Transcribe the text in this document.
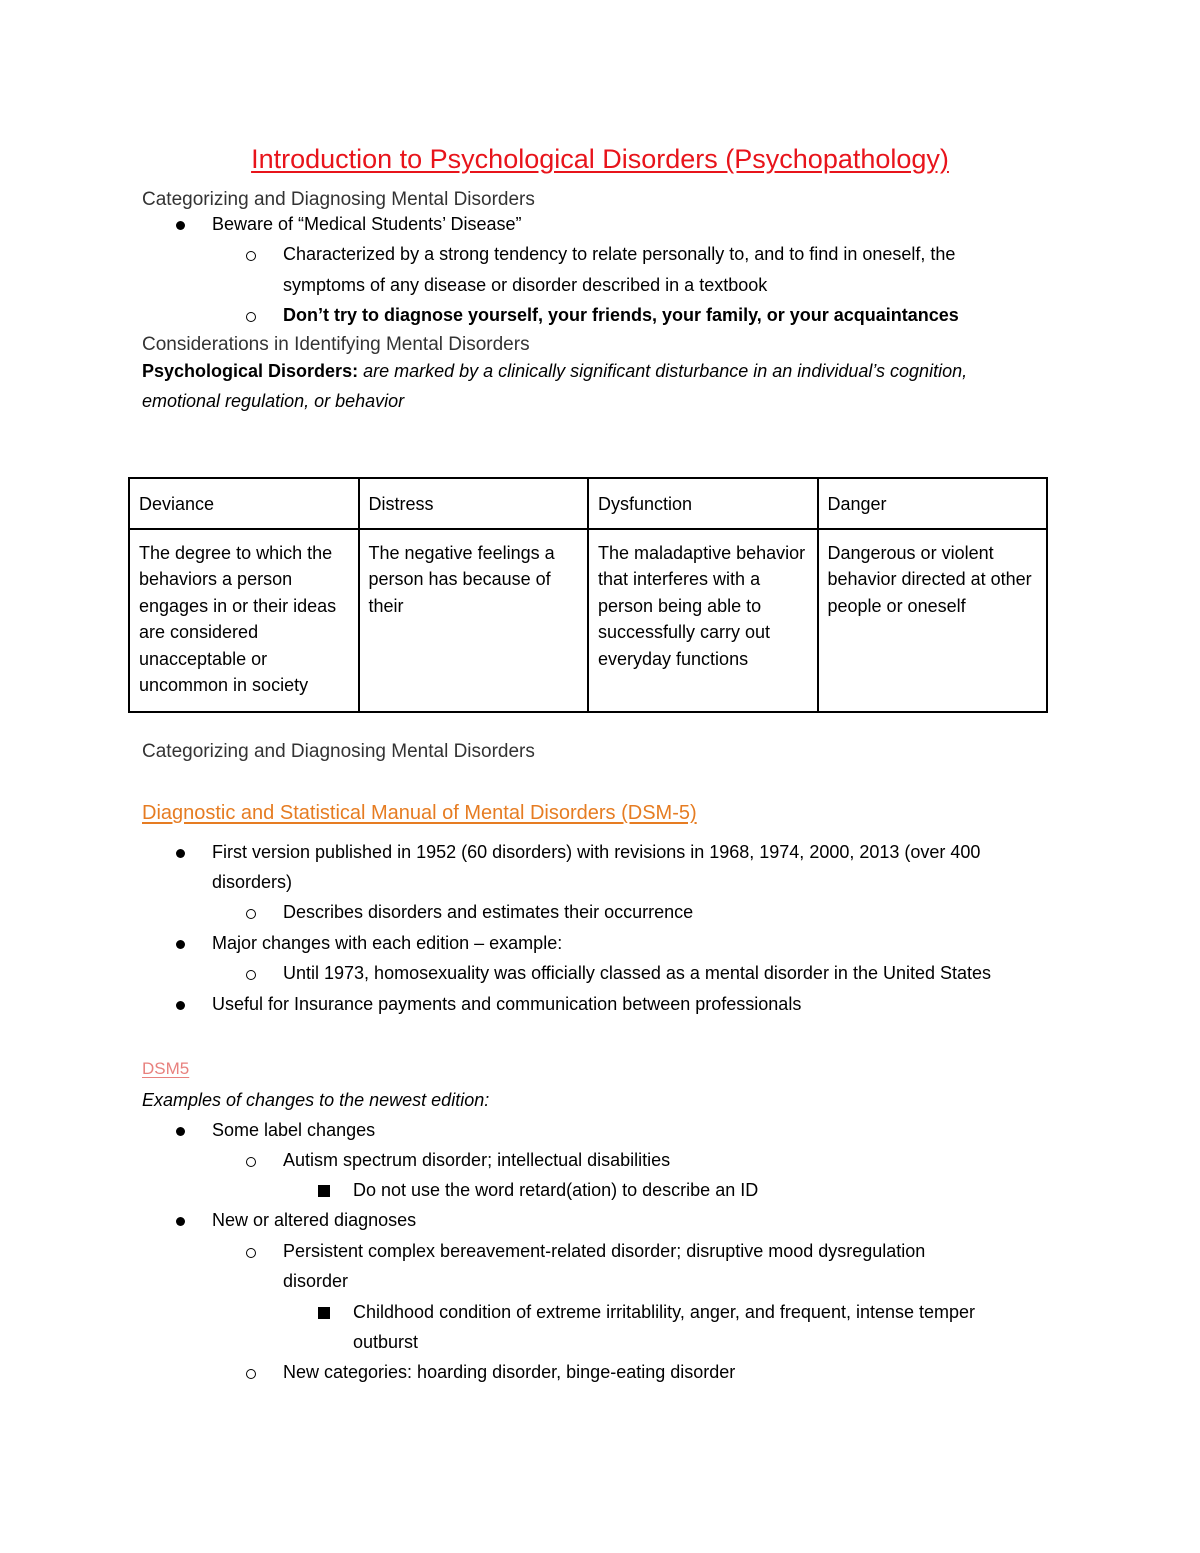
Introduction to Psychological Disorders (Psychopathology)
Categorizing and Diagnosing Mental Disorders
Beware of “Medical Students’ Disease”
Characterized by a strong tendency to relate personally to, and to find in oneself, the
symptoms of any disease or disorder described in a textbook
Don’t try to diagnose yourself, your friends, your family, or your acquaintances
Considerations in Identifying Mental Disorders
Psychological Disorders: are marked by a clinically significant disturbance in an individual’s cognition,
emotional regulation, or behavior
Deviance	Distress	Dysfunction	Danger
The degree to which the behaviors a person engages in or their ideas are considered unacceptable or uncommon in society	The negative feelings a person has because of their	The maladaptive behavior that interferes with a person being able to successfully carry out everyday functions	Dangerous or violent behavior directed at other people or oneself
Categorizing and Diagnosing Mental Disorders
Diagnostic and Statistical Manual of Mental Disorders (DSM-5)
First version published in 1952 (60 disorders) with revisions in 1968, 1974, 2000, 2013 (over 400
disorders)
Describes disorders and estimates their occurrence
Major changes with each edition – example:
Until 1973, homosexuality was officially classed as a mental disorder in the United States
Useful for Insurance payments and communication between professionals
DSM5
Examples of changes to the newest edition:
Some label changes
Autism spectrum disorder; intellectual disabilities
Do not use the word retard(ation) to describe an ID
New or altered diagnoses
Persistent complex bereavement-related disorder; disruptive mood dysregulation
disorder
Childhood condition of extreme irritablility, anger, and frequent, intense temper
outburst
New categories: hoarding disorder, binge-eating disorder
